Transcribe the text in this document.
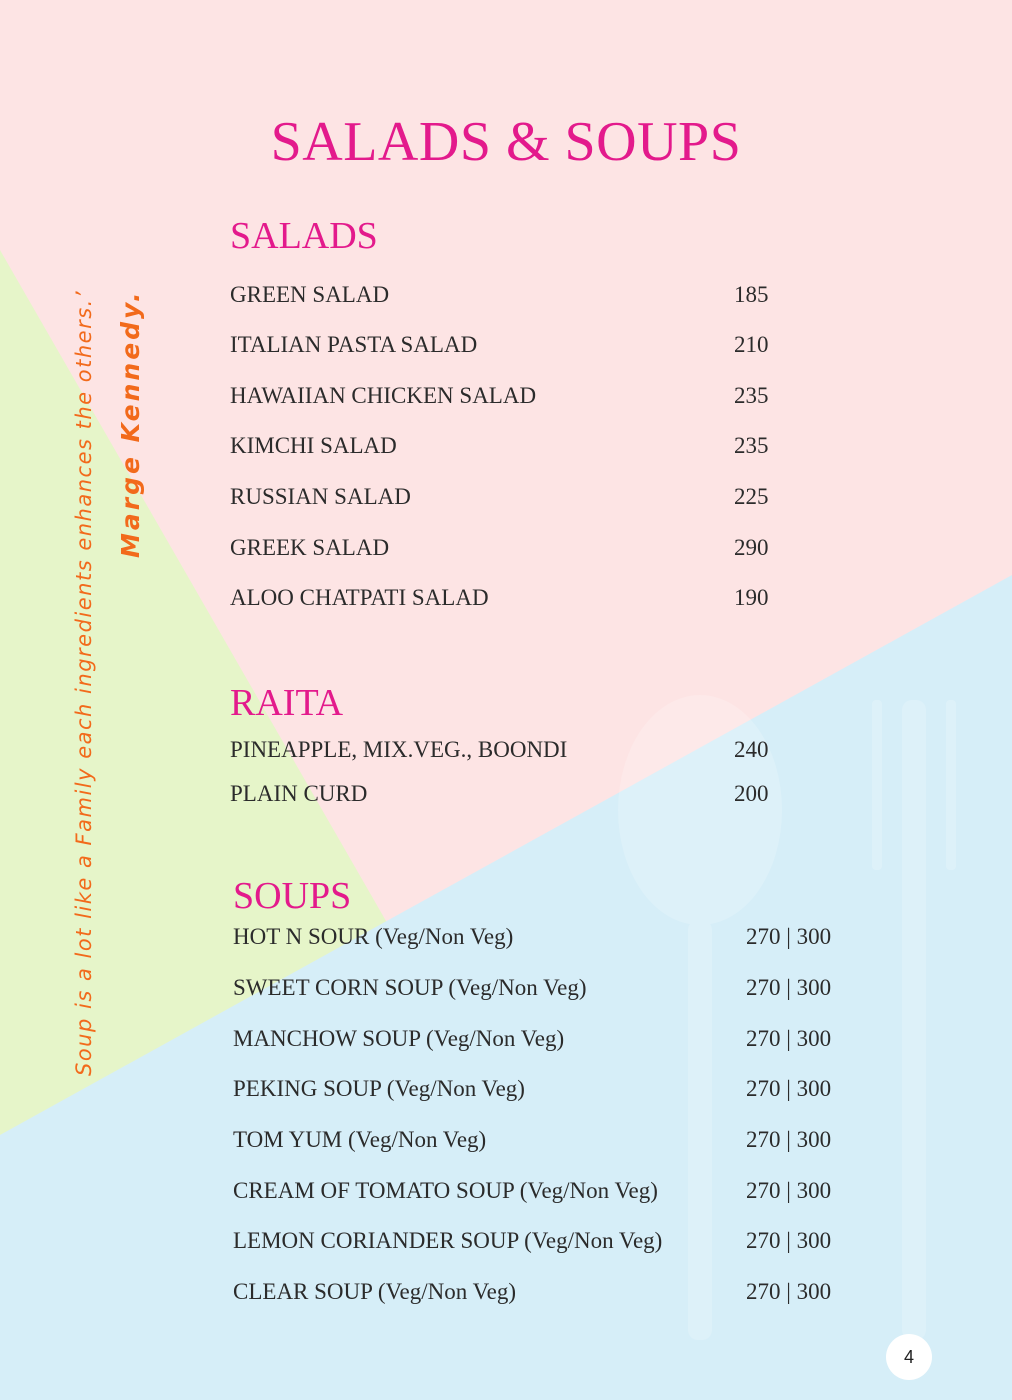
SALADS & SOUPS
Soup is a lot like a Family each ingredients enhances the others.’ Marge Kennedy.
SALADS
GREEN SALAD	185
ITALIAN PASTA SALAD	210
HAWAIIAN CHICKEN SALAD	235
KIMCHI SALAD	235
RUSSIAN SALAD	225
GREEK SALAD	290
ALOO CHATPATI SALAD	190
RAITA
PINEAPPLE, MIX.VEG., BOONDI	240
PLAIN CURD	200
SOUPS
HOT N SOUR (Veg/Non Veg)	270 | 300
SWEET CORN SOUP (Veg/Non Veg)	270 | 300
MANCHOW SOUP (Veg/Non Veg)	270 | 300
PEKING SOUP (Veg/Non Veg)	270 | 300
TOM YUM (Veg/Non Veg)	270 | 300
CREAM OF TOMATO SOUP (Veg/Non Veg)	270 | 300
LEMON CORIANDER SOUP (Veg/Non Veg)	270 | 300
CLEAR SOUP (Veg/Non Veg)	270 | 300
4
